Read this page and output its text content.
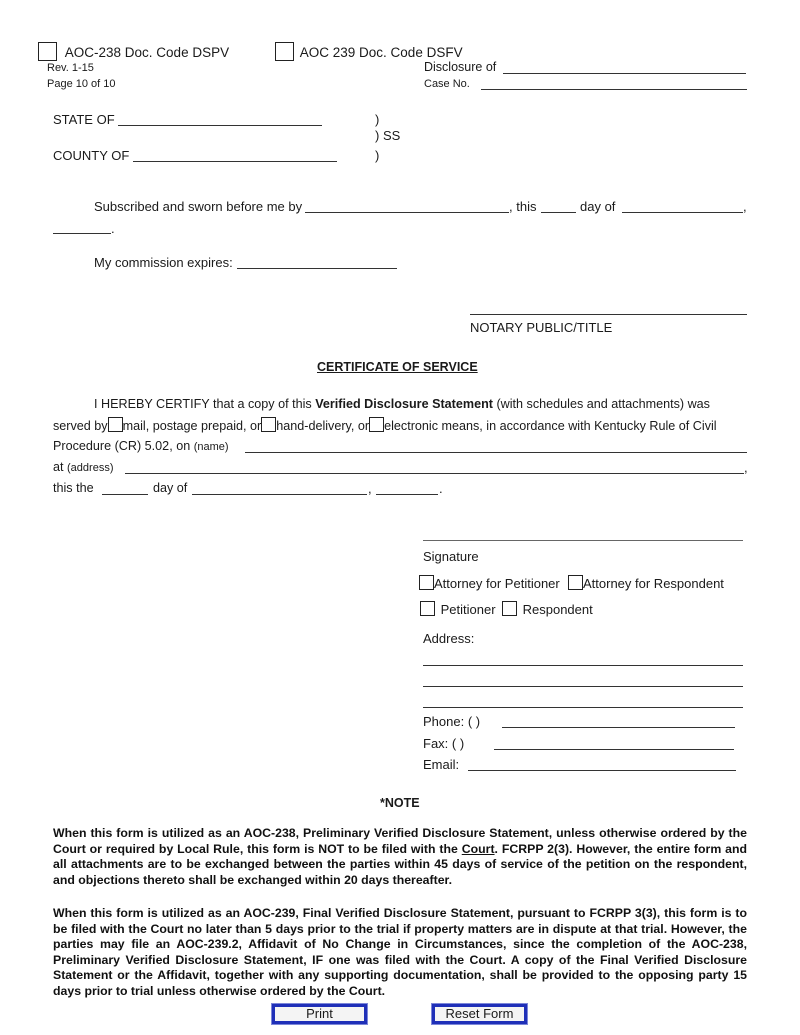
AOC-238 Doc. Code DSPV	AOC 239 Doc. Code DSFV
Rev. 1-15
Page 10 of 10
Disclosure of
Case No.
STATE OF	)
) SS
COUNTY OF	)
Subscribed and sworn before me by	, this	day of	,
.
My commission expires:
NOTARY PUBLIC/TITLE
CERTIFICATE OF SERVICE
I HEREBY CERTIFY that a copy of this Verified Disclosure Statement (with schedules and attachments) was
served by mail, postage prepaid, or hand-delivery, or electronic means, in accordance with Kentucky Rule of Civil
Procedure (CR) 5.02, on (name)
at (address)	,
this the	day of	,	.
Signature
Attorney for Petitioner	Attorney for Respondent
Petitioner	Respondent
Address:
Phone: ( )
Fax: ( )
Email:
*NOTE
When this form is utilized as an AOC-238, Preliminary Verified Disclosure Statement, unless otherwise ordered by the Court or required by Local Rule, this form is NOT to be filed with the Court. FCRPP 2(3). However, the entire form and all attachments are to be exchanged between the parties within 45 days of service of the petition on the respondent, and objections thereto shall be exchanged within 20 days thereafter.
When this form is utilized as an AOC-239, Final Verified Disclosure Statement, pursuant to FCRPP 3(3), this form is to be filed with the Court no later than 5 days prior to the trial if property matters are in dispute at that trial. However, the parties may file an AOC-239.2, Affidavit of No Change in Circumstances, since the completion of the AOC-238, Preliminary Verified Disclosure Statement, IF one was filed with the Court. A copy of the Final Verified Disclosure Statement or the Affidavit, together with any supporting documentation, shall be provided to the opposing party 15 days prior to trial unless otherwise ordered by the Court.
Print	Reset Form
